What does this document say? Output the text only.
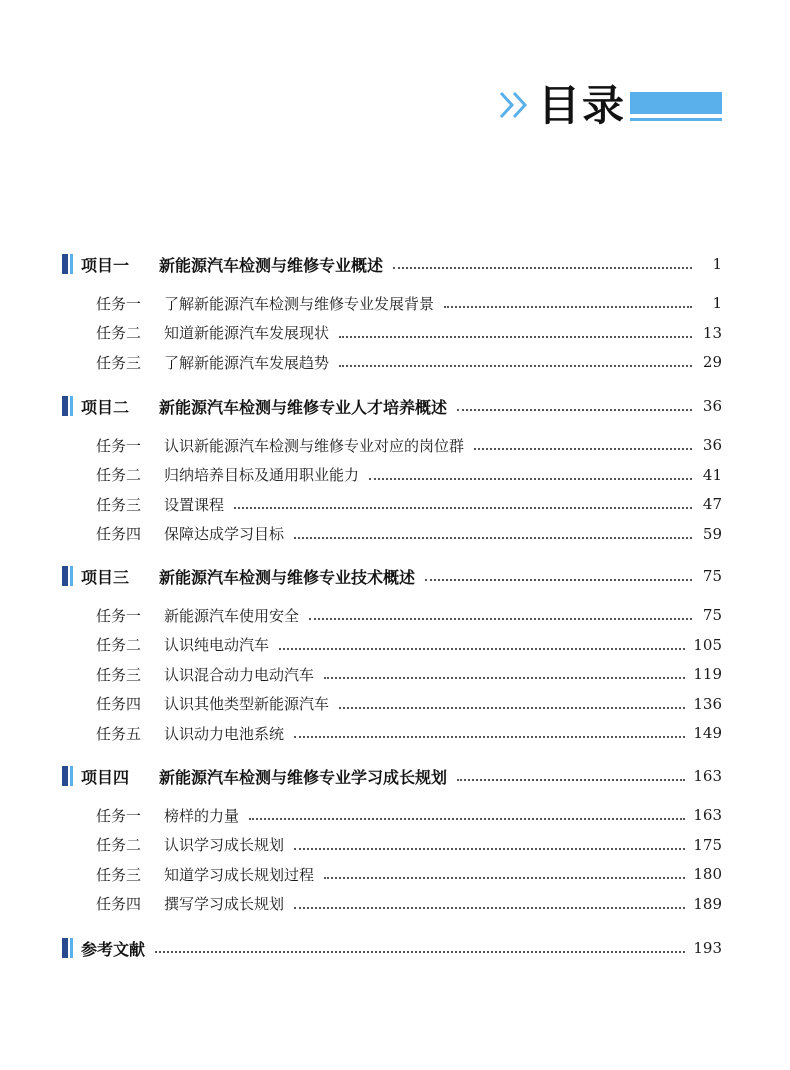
目录
项目一 新能源汽车检测与维修专业概述	1
任务一 了解新能源汽车检测与维修专业发展背景	1
任务二 知道新能源汽车发展现状	13
任务三 了解新能源汽车发展趋势	29
项目二 新能源汽车检测与维修专业人才培养概述	36
任务一 认识新能源汽车检测与维修专业对应的岗位群	36
任务二 归纳培养目标及通用职业能力	41
任务三 设置课程	47
任务四 保障达成学习目标	59
项目三 新能源汽车检测与维修专业技术概述	75
任务一 新能源汽车使用安全	75
任务二 认识纯电动汽车	105
任务三 认识混合动力电动汽车	119
任务四 认识其他类型新能源汽车	136
任务五 认识动力电池系统	149
项目四 新能源汽车检测与维修专业学习成长规划	163
任务一 榜样的力量	163
任务二 认识学习成长规划	175
任务三 知道学习成长规划过程	180
任务四 撰写学习成长规划	189
参考文献	193
